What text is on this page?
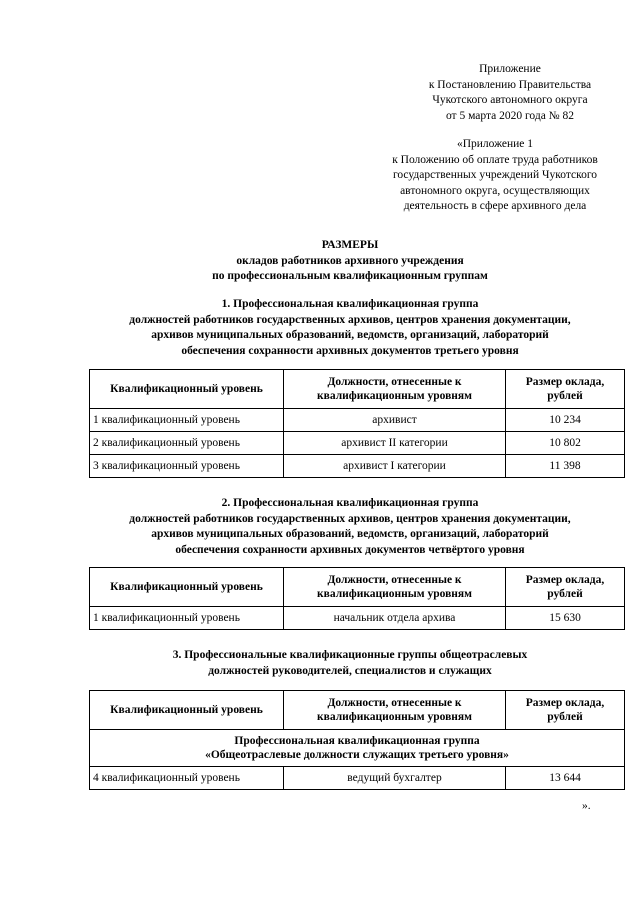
Приложение
к Постановлению Правительства
Чукотского автономного округа
от 5 марта 2020 года № 82
«Приложение 1
к Положению об оплате труда работников
государственных учреждений Чукотского
автономного округа, осуществляющих
деятельность в сфере архивного дела
РАЗМЕРЫ
окладов работников архивного учреждения
по профессиональным квалификационным группам
1. Профессиональная квалификационная группа
должностей работников государственных архивов, центров хранения документации,
архивов муниципальных образований, ведомств, организаций, лабораторий
обеспечения сохранности архивных документов третьего уровня
Квалификационный уровень	Должности, отнесенные к квалификационным уровням	Размер оклада, рублей
1 квалификационный уровень	архивист	10 234
2 квалификационный уровень	архивист II категории	10 802
3 квалификационный уровень	архивист I категории	11 398
2. Профессиональная квалификационная группа
должностей работников государственных архивов, центров хранения документации,
архивов муниципальных образований, ведомств, организаций, лабораторий
обеспечения сохранности архивных документов четвёртого уровня
Квалификационный уровень	Должности, отнесенные к квалификационным уровням	Размер оклада, рублей
1 квалификационный уровень	начальник отдела архива	15 630
3. Профессиональные квалификационные группы общеотраслевых
должностей руководителей, специалистов и служащих
Квалификационный уровень	Должности, отнесенные к квалификационным уровням	Размер оклада, рублей

Профессиональная квалификационная группа
«Общеотраслевые должности служащих третьего уровня»		

4 квалификационный уровень	ведущий бухгалтер	13 644
».
